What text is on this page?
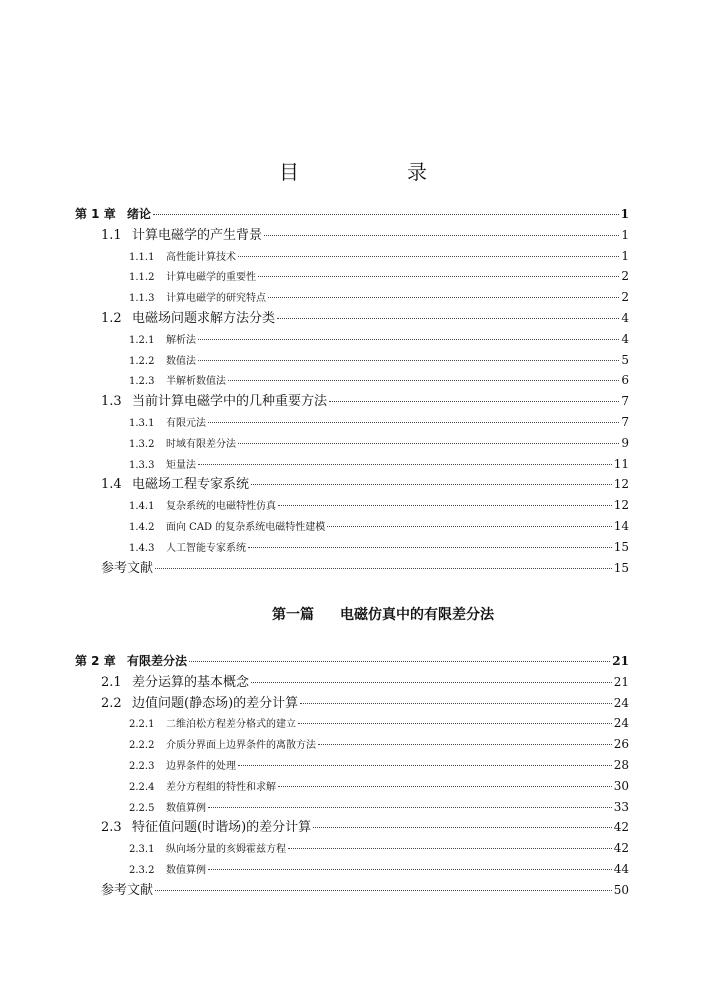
目　录
第 1 章 绪论	1
1.1 计算电磁学的产生背景	1
1.1.1	高性能计算技术	1
1.1.2	计算电磁学的重要性	2
1.1.3	计算电磁学的研究特点	2
1.2 电磁场问题求解方法分类	4
1.2.1	解析法	4
1.2.2	数值法	5
1.2.3	半解析数值法	6
1.3 当前计算电磁学中的几种重要方法	7
1.3.1	有限元法	7
1.3.2	时域有限差分法	9
1.3.3	矩量法	11
1.4 电磁场工程专家系统	12
1.4.1	复杂系统的电磁特性仿真	12
1.4.2	面向 CAD 的复杂系统电磁特性建模	14
1.4.3	人工智能专家系统	15
参考文献	15
第一篇 电磁仿真中的有限差分法
第 2 章 有限差分法	21
2.1 差分运算的基本概念	21
2.2 边值问题(静态场)的差分计算	24
2.2.1	二维泊松方程差分格式的建立	24
2.2.2	介质分界面上边界条件的离散方法	26
2.2.3	边界条件的处理	28
2.2.4	差分方程组的特性和求解	30
2.2.5	数值算例	33
2.3 特征值问题(时谐场)的差分计算	42
2.3.1	纵向场分量的亥姆霍兹方程	42
2.3.2	数值算例	44
参考文献	50
